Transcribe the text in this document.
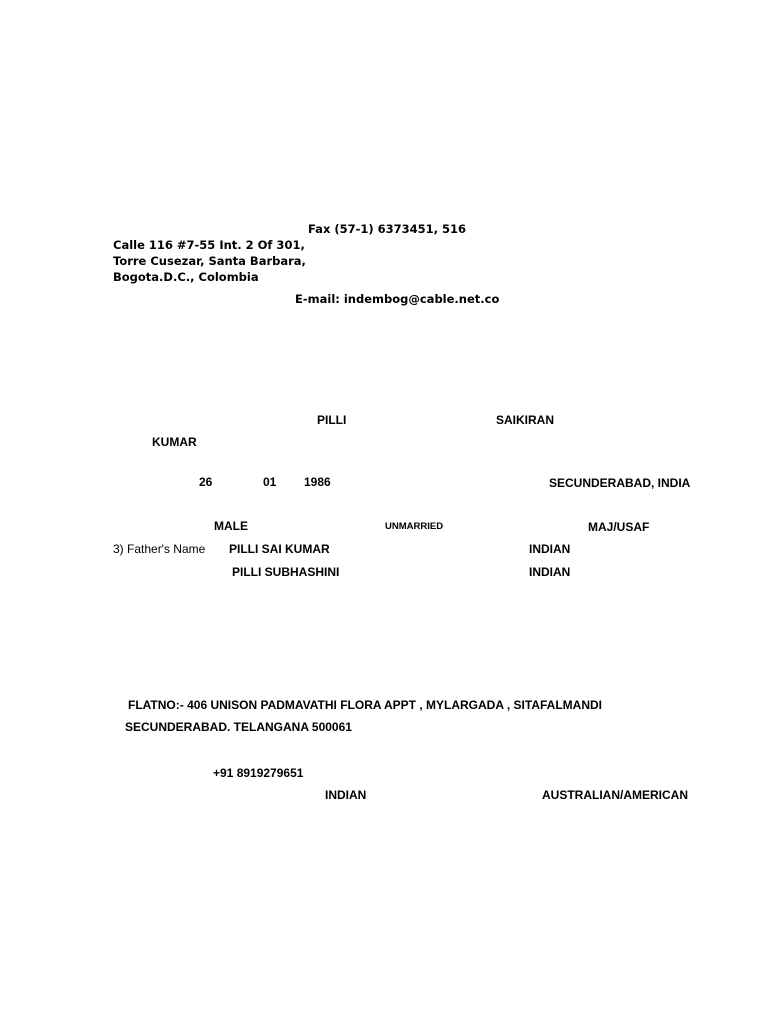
Fax (57-1) 6373451, 516
Calle 116 #7-55 Int. 2 Of 301,
Torre Cusezar, Santa Barbara,
Bogota.D.C., Colombia
E-mail: indembog@cable.net.co
PILLI	SAIKIRAN
KUMAR
26	01 1986	SECUNDERABAD, INDIA
MALE	UNMARRIED	MAJ/USAF
3) Father's Name PILLI SAI KUMAR	INDIAN
PILLI SUBHASHINI	INDIAN
FLATNO:- 406 UNISON PADMAVATHI FLORA APPT , MYLARGADA , SITAFALMANDI
SECUNDERABAD. TELANGANA 500061
+91 8919279651
INDIAN	AUSTRALIAN/AMERICAN
